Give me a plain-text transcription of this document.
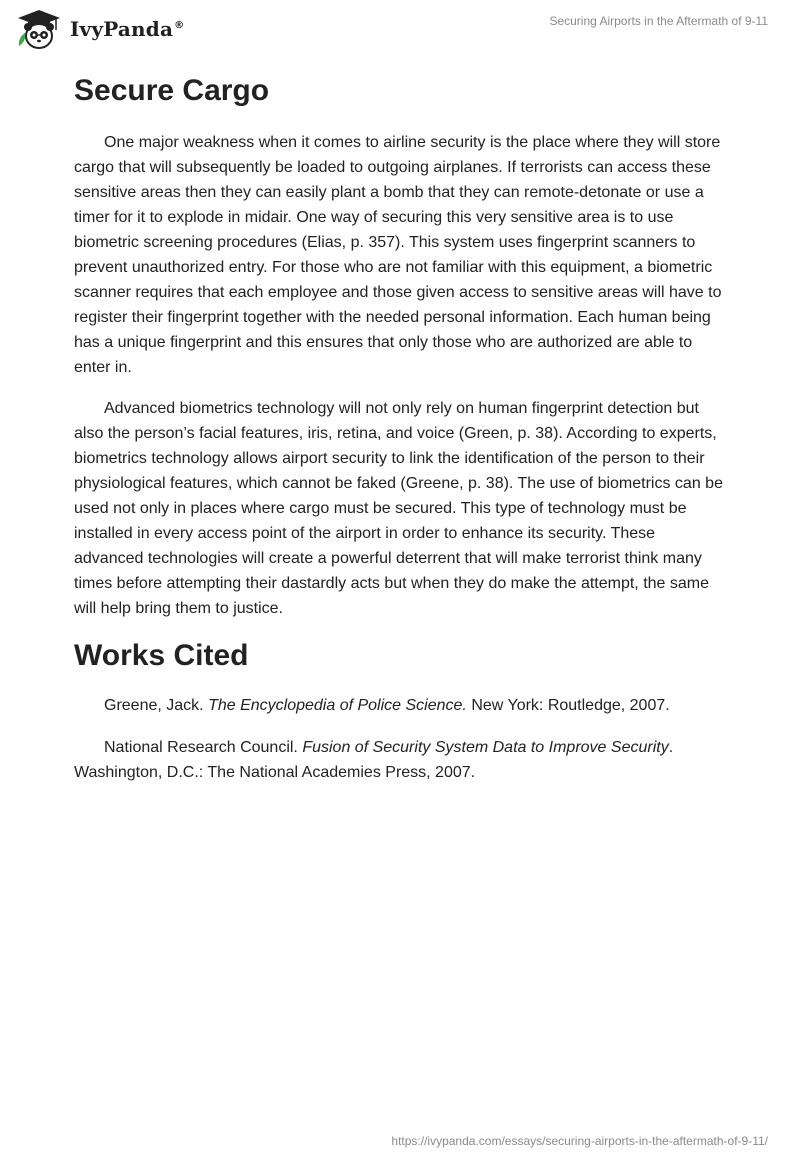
IvyPanda®	Securing Airports in the Aftermath of 9-11
Secure Cargo

One major weakness when it comes to airline security is the place where they will store cargo that will subsequently be loaded to outgoing airplanes. If terrorists can access these sensitive areas then they can easily plant a bomb that they can remote-detonate or use a timer for it to explode in midair. One way of securing this very sensitive area is to use biometric screening procedures (Elias, p. 357). This system uses fingerprint scanners to prevent unauthorized entry. For those who are not familiar with this equipment, a biometric scanner requires that each employee and those given access to sensitive areas will have to register their fingerprint together with the needed personal information. Each human being has a unique fingerprint and this ensures that only those who are authorized are able to enter in.

Advanced biometrics technology will not only rely on human fingerprint detection but also the person’s facial features, iris, retina, and voice (Green, p. 38). According to experts, biometrics technology allows airport security to link the identification of the person to their physiological features, which cannot be faked (Greene, p. 38). The use of biometrics can be used not only in places where cargo must be secured. This type of technology must be installed in every access point of the airport in order to enhance its security. These advanced technologies will create a powerful deterrent that will make terrorist think many times before attempting their dastardly acts but when they do make the attempt, the same will help bring them to justice.

Works Cited

Greene, Jack. The Encyclopedia of Police Science. New York: Routledge, 2007.

National Research Council. Fusion of Security System Data to Improve Security. Washington, D.C.: The National Academies Press, 2007.

https://ivypanda.com/essays/securing-airports-in-the-aftermath-of-9-11/
